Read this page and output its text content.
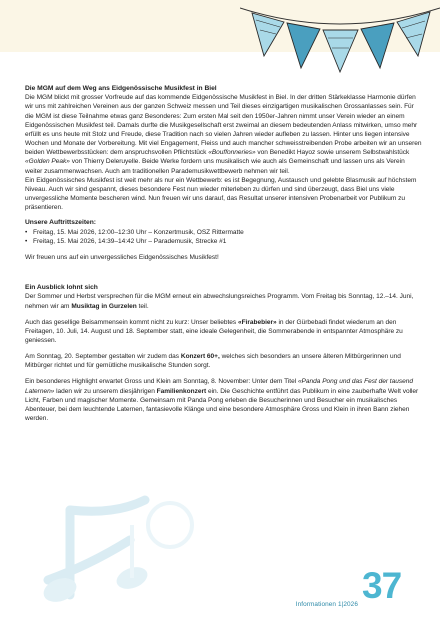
Die MGM auf dem Weg ans Eidgenössische Musikfest in Biel

Die MGM blickt mit grosser Vorfreude auf das kommende Eidgenössische Musikfest in Biel. In der dritten Stärkeklasse Harmonie dürfen wir uns mit zahlreichen Vereinen aus der ganzen Schweiz messen und Teil dieses einzigartigen musikalischen Grossanlasses sein. Für die MGM ist diese Teilnahme etwas ganz Besonderes: Zum ersten Mal seit den 1950er-Jahren nimmt unser Verein wieder an einem Eidgenössischen Musikfest teil. Damals durfte die Musikgesellschaft erst zweimal an diesem bedeutenden Anlass mitwirken, umso mehr erfüllt es uns heute mit Stolz und Freude, diese Tradition nach so vielen Jahren wieder aufleben zu lassen. Hinter uns liegen intensive Wochen und Monate der Vorbereitung. Mit viel Engagement, Fleiss und auch mancher schweisstreibenden Probe arbeiten wir an unseren beiden Wettbewerbsstücken: dem anspruchsvollen Pflichtstück «Bouffonneries» von Benedikt Hayoz sowie unserem Selbstwahlstück «Golden Peak» von Thierry Deleruyelle. Beide Werke fordern uns musikalisch wie auch als Gemeinschaft und lassen uns als Verein weiter zusammenwachsen. Auch am traditionellen Parademusikwettbewerb nehmen wir teil.

Ein Eidgenössisches Musikfest ist weit mehr als nur ein Wettbewerb: es ist Begegnung, Austausch und gelebte Blasmusik auf höchstem Niveau. Auch wir sind gespannt, dieses besondere Fest nun wieder miterleben zu dürfen und sind überzeugt, dass Biel uns viele unvergessliche Momente bescheren wind. Nun freuen wir uns darauf, das Resultat unserer intensiven Probenarbeit vor Publikum zu präsentieren.

Unsere Auftrittszeiten:
• Freitag, 15. Mai 2026, 12:00–12:30 Uhr – Konzertmusik, OSZ Rittermatte
• Freitag, 15. Mai 2026, 14:39–14:42 Uhr – Parademusik, Strecke #1

Wir freuen uns auf ein unvergessliches Eidgenössisches Musikfest!

Ein Ausblick lohnt sich

Der Sommer und Herbst versprechen für die MGM erneut ein abwechslungsreiches Programm. Vom Freitag bis Sonntag, 12.–14. Juni, nehmen wir am Musiktag in Gurzelen teil.

Auch das gesellige Beisammensein kommt nicht zu kurz: Unser beliebtes «Firabebier» in der Gürbebadi findet wiederum an den Freitagen, 10. Juli, 14. August und 18. September statt, eine ideale Gelegenheit, die Sommerabende in entspannter Atmosphäre zu geniessen.

Am Sonntag, 20. September gestalten wir zudem das Konzert 60+, welches sich besonders an unsere älteren Mitbürgerinnen und Mitbürger richtet und für gemütliche musikalische Stunden sorgt.

Ein besonderes Highlight erwartet Gross und Klein am Sonntag, 8. November: Unter dem Titel «Panda Pong und das Fest der tausend Laternen» laden wir zu unserem diesjährigen Familienkonzert ein. Die Geschichte entführt das Publikum in eine zauberhafte Welt voller Licht, Farben und magischer Momente. Gemeinsam mit Panda Pong erleben die Besucherinnen und Besucher ein musikalisches Abenteuer, bei dem leuchtende Laternen, fantasievolle Klänge und eine besondere Atmosphäre Gross und Klein in ihren Bann ziehen werden.

Informationen 1|2026 37
